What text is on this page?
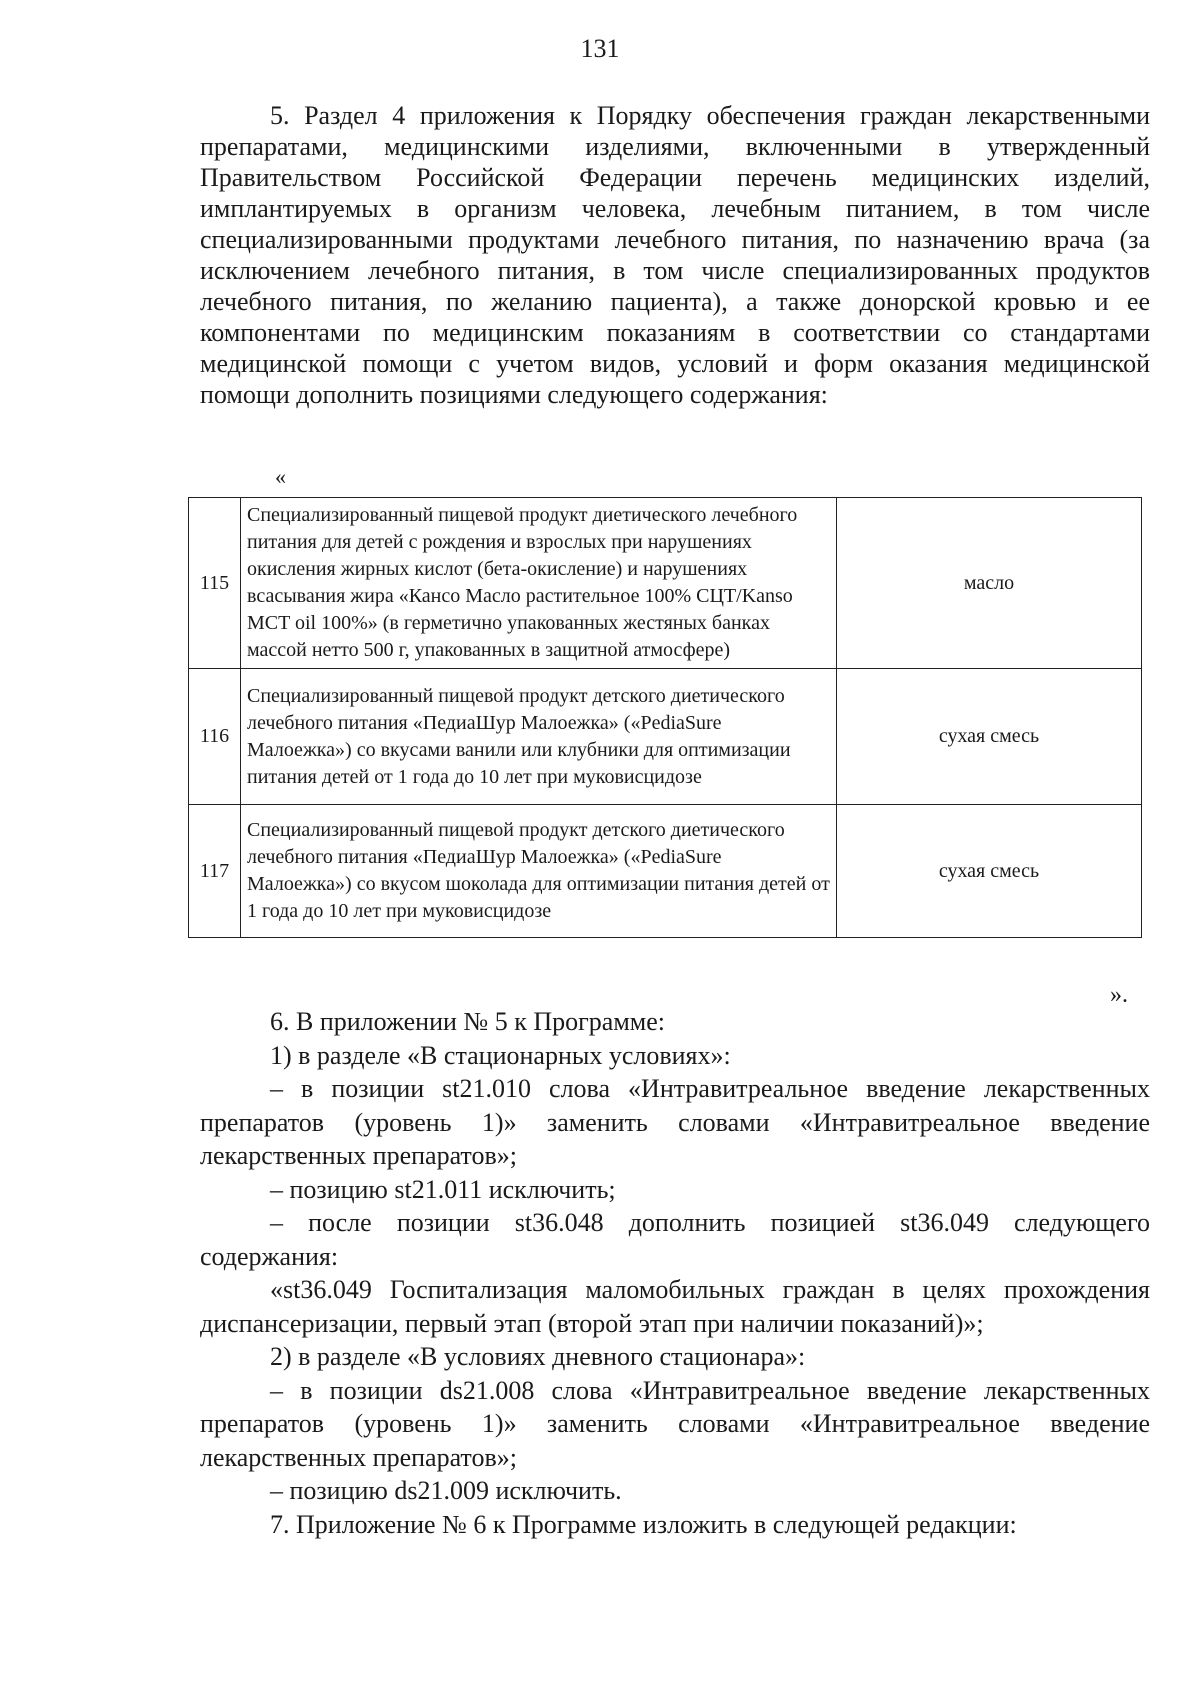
131

5. Раздел 4 приложения к Порядку обеспечения граждан лекарственными препаратами, медицинскими изделиями, включенными в утвержденный Правительством Российской Федерации перечень медицинских изделий, имплантируемых в организм человека, лечебным питанием, в том числе специализированными продуктами лечебного питания, по назначению врача (за исключением лечебного питания, в том числе специализированных продуктов лечебного питания, по желанию пациента), а также донорской кровью и ее компонентами по медицинским показаниям в соответствии со стандартами медицинской помощи с учетом видов, условий и форм оказания медицинской помощи дополнить позициями следующего содержания:

«
115	Специализированный пищевой продукт диетического лечебного питания для детей с рождения и взрослых при нарушениях окисления жирных кислот (бета-окисление) и нарушениях всасывания жира «Кансо Масло растительное 100% СЦТ/Kanso MCT oil 100%» (в герметично упакованных жестяных банках массой нетто 500 г, упакованных в защитной атмосфере)	масло
116	Специализированный пищевой продукт детского диетического лечебного питания «ПедиаШур Малоежка» («PediaSure Малоежка») со вкусами ванили или клубники для оптимизации питания детей от 1 года до 10 лет при муковисцидозе	сухая смесь
117	Специализированный пищевой продукт детского диетического лечебного питания «ПедиаШур Малоежка» («PediaSure Малоежка») со вкусом шоколада для оптимизации питания детей от 1 года до 10 лет при муковисцидозе	сухая смесь
».

6. В приложении № 5 к Программе:

1) в разделе «В стационарных условиях»:

– в позиции st21.010 слова «Интравитреальное введение лекарственных препаратов (уровень 1)» заменить словами «Интравитреальное введение лекарственных препаратов»;

– позицию st21.011 исключить;

– после позиции st36.048 дополнить позицией st36.049 следующего содержания:

«st36.049 Госпитализация маломобильных граждан в целях прохождения диспансеризации, первый этап (второй этап при наличии показаний)»;

2) в разделе «В условиях дневного стационара»:

– в позиции ds21.008 слова «Интравитреальное введение лекарственных препаратов (уровень 1)» заменить словами «Интравитреальное введение лекарственных препаратов»;

– позицию ds21.009 исключить.

7. Приложение № 6 к Программе изложить в следующей редакции:
